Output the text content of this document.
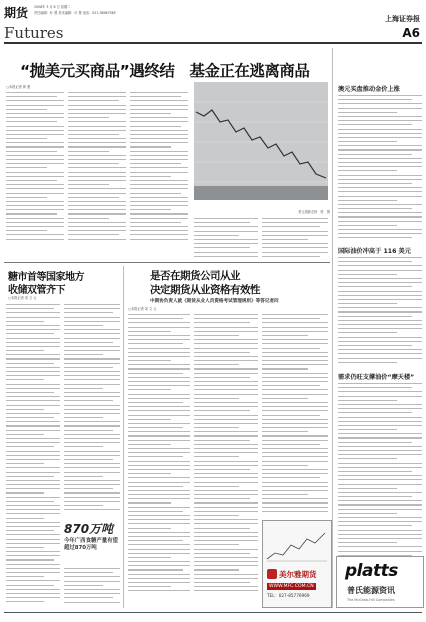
期货 2008年 3 月 6 日 星期二
责任编辑：叶 慧 美术编辑：叶 慧 电话：021-38967585
Futures
上海证券报
A6
“抛美元买商品”遇终结　基金正在逃离商品
□本报记者 黄 蕾
美元指数走势　张　图
澳元买盘推动金价上涨
国际油价冲高于 116 美元
需求仍旺支撑油价“摩天楼”
糖市首等国家地方
收储双管齐下
□本报记者 刘 文 元
870万吨
今年广西食糖产量有望超过870万吨
是否在期货公司从业
决定期货从业资格有效性
中期协负责人就《期货从业人员资格考试管理规则》等答记者问
□本报记者 刘 文 元
美尔雅期货
WWW.MFC.COM.CN
TEL：027-85776969
platts
普氏能源资讯
The McGraw-Hill Companies
